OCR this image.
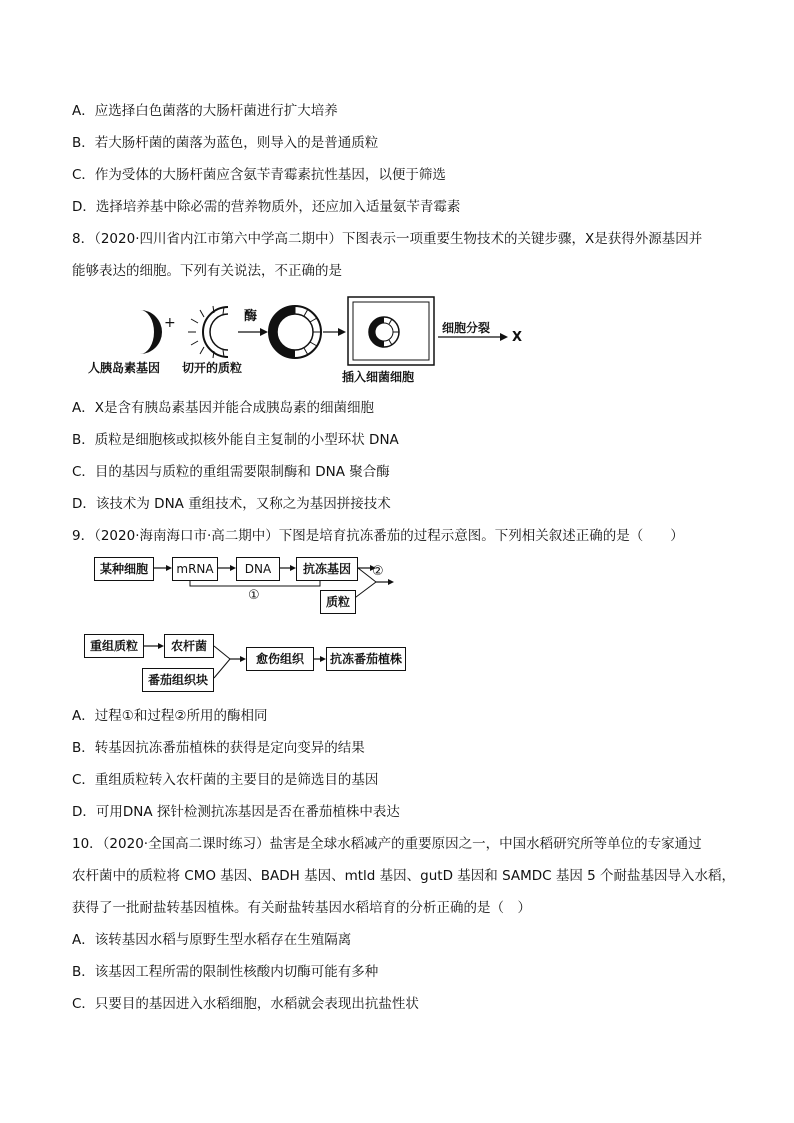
A．应选择白色菌落的大肠杆菌进行扩大培养
B．若大肠杆菌的菌落为蓝色，则导入的是普通质粒
C．作为受体的大肠杆菌应含氨苄青霉素抗性基因，以便于筛选
D．选择培养基中除必需的营养物质外，还应加入适量氨苄青霉素
8．（2020·四川省内江市第六中学高二期中）下图表示一项重要生物技术的关键步骤，X是获得外源基因并
能够表达的细胞。下列有关说法，不正确的是
+	酶
人胰岛素基因 切开的质粒
插入细菌细胞
细胞分裂
X
A．X是含有胰岛素基因并能合成胰岛素的细菌细胞
B．质粒是细胞核或拟核外能自主复制的小型环状 DNA
C．目的基因与质粒的重组需要限制酶和 DNA 聚合酶
D．该技术为 DNA 重组技术，又称之为基因拼接技术
9．（2020·海南海口市·高二期中）下图是培育抗冻番茄的过程示意图。下列相关叙述正确的是（　　）
某种细胞	mRNA	DNA	抗冻基因
质粒
①
②
重组质粒	农杆菌
番茄组织块
愈伤组织	抗冻番茄植株
A．过程①和过程②所用的酶相同
B．转基因抗冻番茄植株的获得是定向变异的结果
C．重组质粒转入农杆菌的主要目的是筛选目的基因
D．可用DNA 探针检测抗冻基因是否在番茄植株中表达
10．（2020·全国高二课时练习）盐害是全球水稻减产的重要原因之一，中国水稻研究所等单位的专家通过
农杆菌中的质粒将 CMO 基因、BADH 基因、mtld 基因、gutD 基因和 SAMDC 基因 5 个耐盐基因导入水稻，
获得了一批耐盐转基因植株。有关耐盐转基因水稻培育的分析正确的是（　）
A．该转基因水稻与原野生型水稻存在生殖隔离
B．该基因工程所需的限制性核酸内切酶可能有多种
C．只要目的基因进入水稻细胞，水稻就会表现出抗盐性状
